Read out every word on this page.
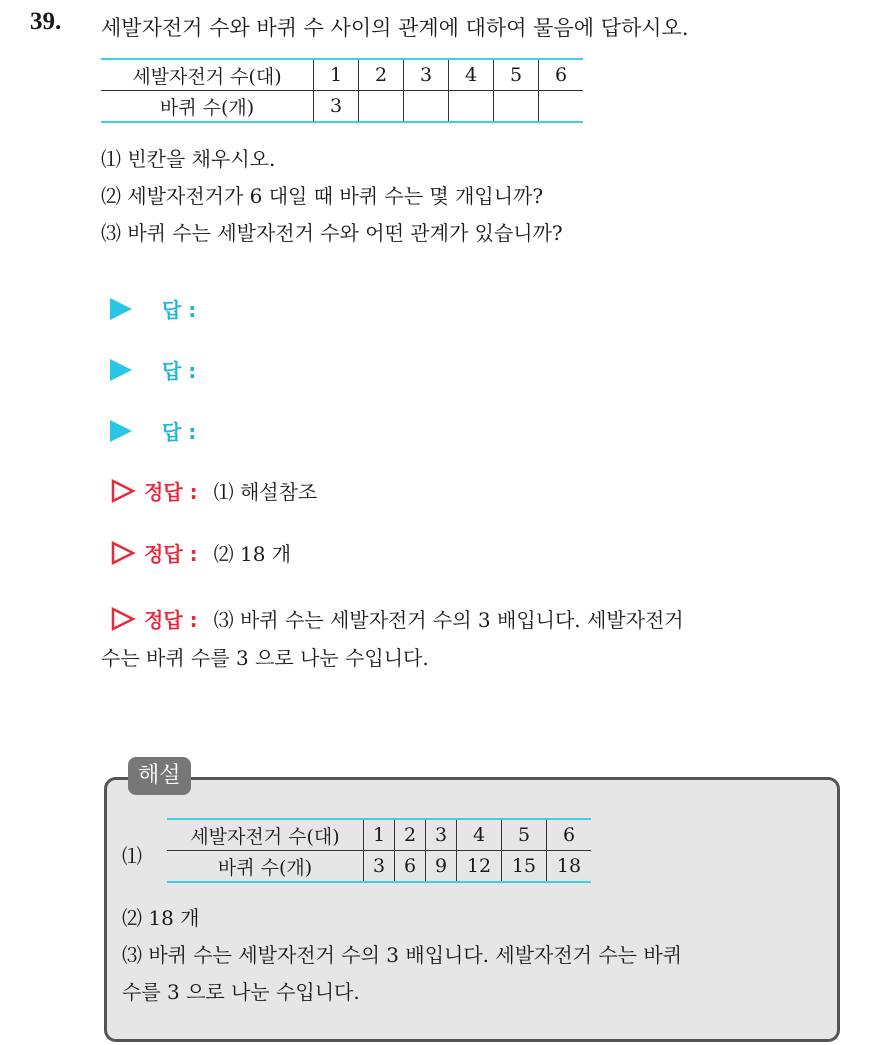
39. 세발자전거 수와 바퀴 수 사이의 관계에 대하여 물음에 답하시오.
세발자전거 수(대)	1	2	3	4	5	6
바퀴 수(개)	3					
⑴ 빈칸을 채우시오.
⑵ 세발자전거가 6 대일 때 바퀴 수는 몇 개입니까?
⑶ 바퀴 수는 세발자전거 수와 어떤 관계가 있습니까?
답 :
답 :
답 :
정답 : ⑴ 해설참조
정답 : ⑵ 18 개
정답 : ⑶ 바퀴 수는 세발자전거 수의 3 배입니다. 세발자전거
수는 바퀴 수를 3 으로 나눈 수입니다.
해설
⑴
세발자전거 수(대)	1	2	3	4	5	6
바퀴 수(개)	3	6	9	12	15	18
⑵ 18 개
⑶ 바퀴 수는 세발자전거 수의 3 배입니다. 세발자전거 수는 바퀴
수를 3 으로 나눈 수입니다.
